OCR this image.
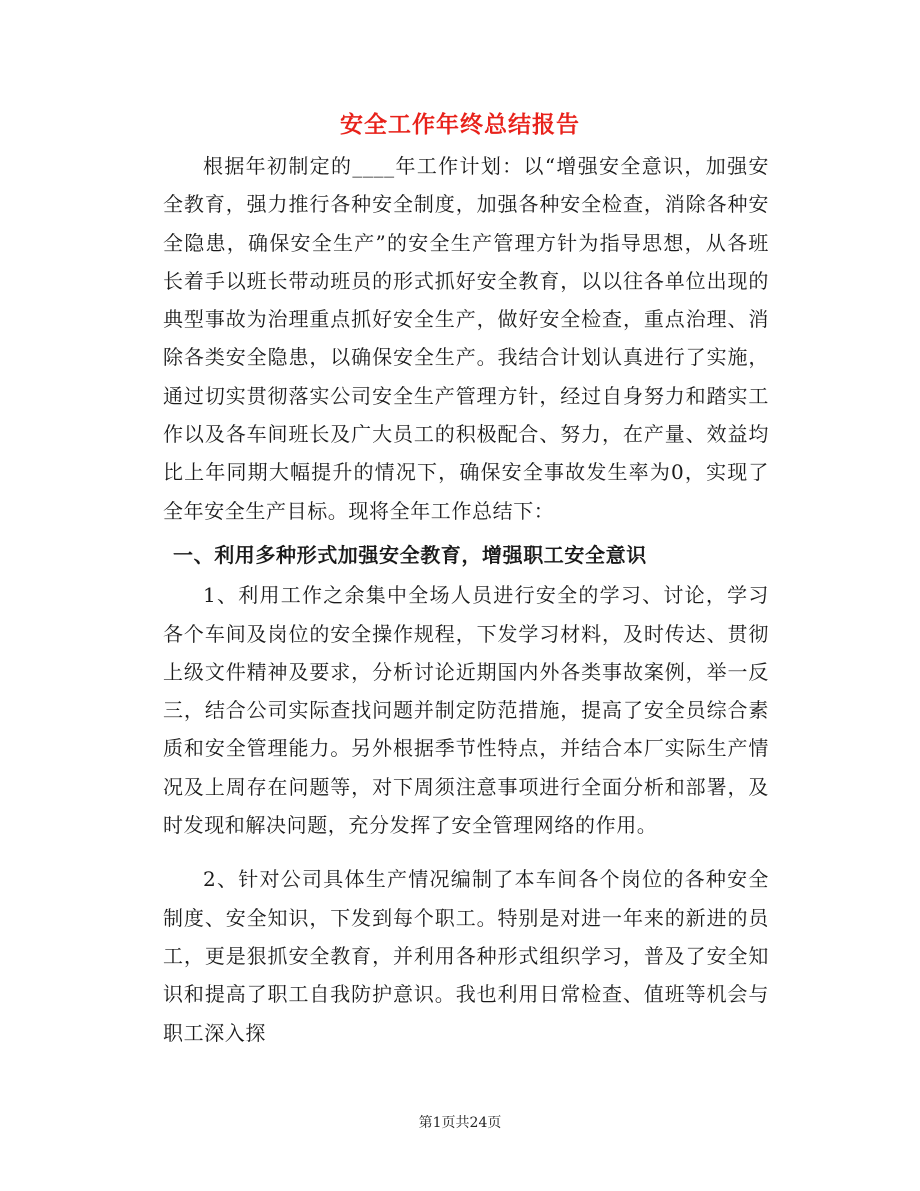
安全工作年终总结报告

根据年初制定的____年工作计划：以“增强安全意识，加强安全教育，强力推行各种安全制度，加强各种安全检查，消除各种安全隐患，确保安全生产”的安全生产管理方针为指导思想，从各班长着手以班长带动班员的形式抓好安全教育，以以往各单位出现的典型事故为治理重点抓好安全生产，做好安全检查，重点治理、消除各类安全隐患，以确保安全生产。我结合计划认真进行了实施，通过切实贯彻落实公司安全生产管理方针，经过自身努力和踏实工作以及各车间班长及广大员工的积极配合、努力，在产量、效益均比上年同期大幅提升的情况下，确保安全事故发生率为0，实现了全年安全生产目标。现将全年工作总结下：

一、利用多种形式加强安全教育，增强职工安全意识

1、利用工作之余集中全场人员进行安全的学习、讨论，学习各个车间及岗位的安全操作规程，下发学习材料，及时传达、贯彻上级文件精神及要求，分析讨论近期国内外各类事故案例，举一反三，结合公司实际查找问题并制定防范措施，提高了安全员综合素质和安全管理能力。另外根据季节性特点，并结合本厂实际生产情况及上周存在问题等，对下周须注意事项进行全面分析和部署，及时发现和解决问题，充分发挥了安全管理网络的作用。

2、针对公司具体生产情况编制了本车间各个岗位的各种安全制度、安全知识，下发到每个职工。特别是对进一年来的新进的员工，更是狠抓安全教育，并利用各种形式组织学习，普及了安全知识和提高了职工自我防护意识。我也利用日常检查、值班等机会与职工深入探

第1页共24页
